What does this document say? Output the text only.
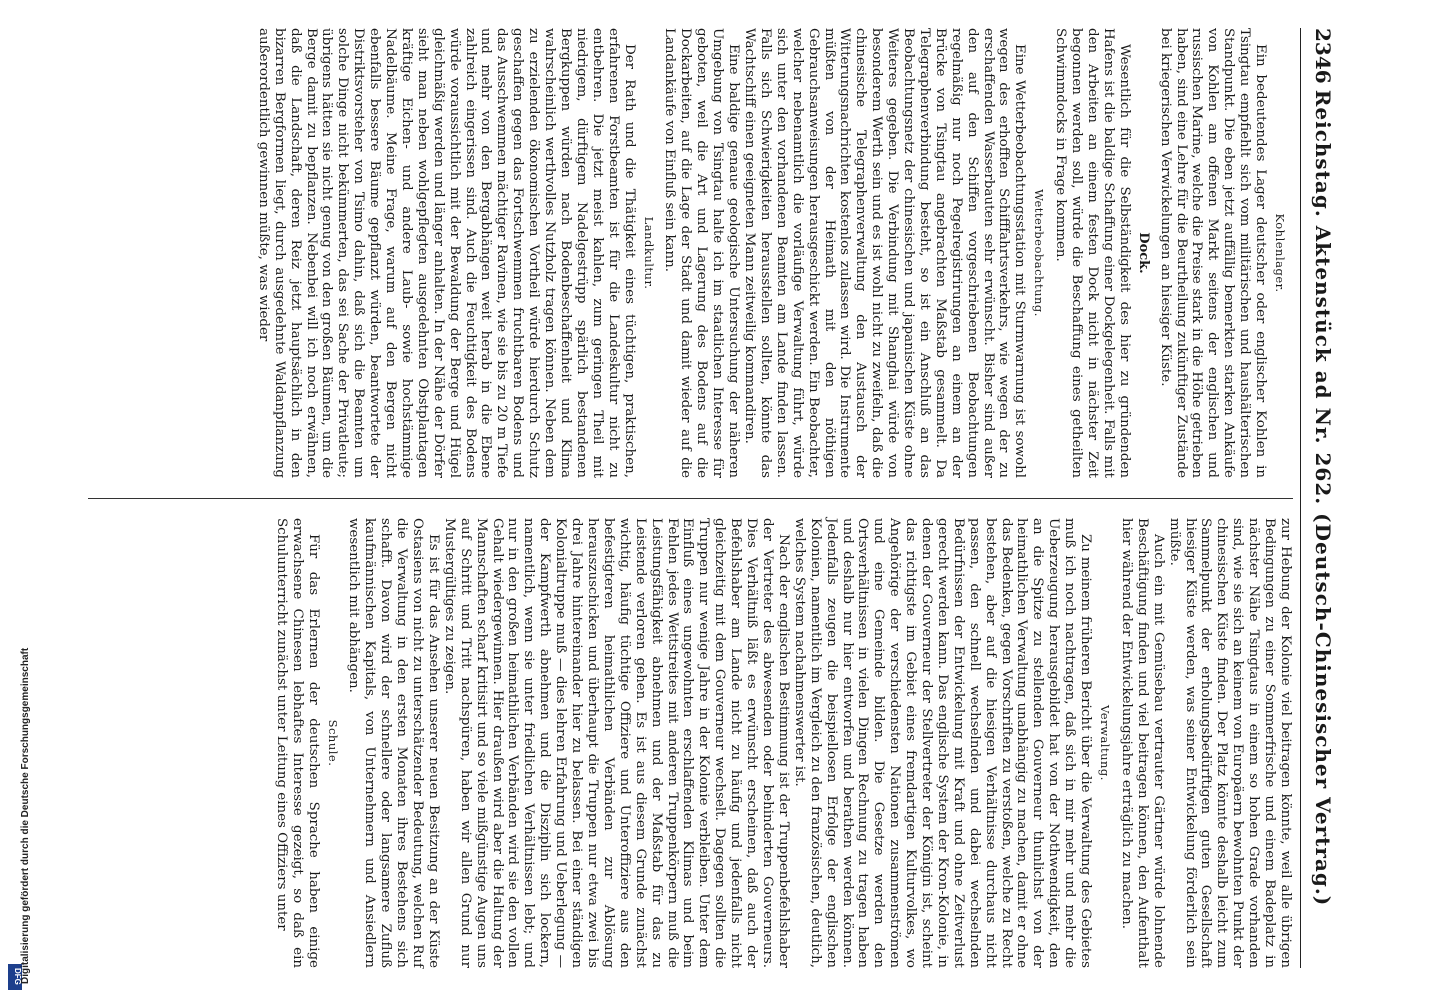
2346
Reichstag. Aktenstück ad Nr. 262. (Deutsch-Chinesischer Vertrag.)
Kohlenlager.

Ein bedeutendes Lager deutscher oder englischer Kohlen in Tsingtau empfiehlt sich vom militärischen und haushälterischen Standpunkt. Die eben jetzt auffällig bemerkten starken Ankäufe von Kohlen am offenen Markt seitens der englischen und russischen Marine, welche die Preise stark in die Höhe getrieben haben, sind eine Lehre für die Beurtheilung zukünftiger Zustände bei kriegerischen Verwickelungen an hiesiger Küste.

Dock.

Wesentlich für die Selbständigkeit des hier zu gründenden Hafens ist die baldige Schaffung einer Dockgelegenheit. Falls mit den Arbeiten an einem festen Dock nicht in nächster Zeit begonnen werden soll, würde die Beschaffung eines getheilten Schwimmdocks in Frage kommen.

Wetterbeobachtung.

Eine Wetterbeobachtungsstation mit Sturmwarnung ist sowohl wegen des erhofften Schifffahrtsverkehrs, wie wegen der zu erschaffenden Wasserbauten sehr erwünscht. Bisher sind außer den auf den Schiffen vorgeschriebenen Beobachtungen regelmäßig nur noch Pegelregistrirungen an einem an der Brücke von Tsingtau angebrachten Maßstab gesammelt. Da Telegraphenverbindung besteht, so ist ein Anschluß an das Beobachtungsnetz der chinesischen und japanischen Küste ohne Weiteres gegeben. Die Verbindung mit Shanghai würde von besonderem Werth sein und es ist wohl nicht zu zweifeln, daß die chinesische Telegraphenverwaltung den Austausch der Witterungsnachrichten kostenlos zulassen wird. Die Instrumente müßten von der Heimath mit den nöthigen Gebrauchsanweisungen herausgeschickt werden. Ein Beobachter, welcher nebenamtlich die vorläufige Verwaltung führt, würde sich unter den vorhandenen Beamten am Lande finden lassen. Falls sich Schwierigkeiten herausstellen sollten, könnte das Wachtschiff einen geeigneten Mann zeitweilig kommandiren.

Eine baldige genaue geologische Untersuchung der näheren Umgebung von Tsingtau halte ich im staatlichen Interesse für geboten, weil die Art und Lagerung des Bodens auf die Dockarbeiten, auf die Lage der Stadt und damit wieder auf die Landankäufe von Einfluß sein kann.

Landkultur.

Der Rath und die Thätigkeit eines tüchtigen, praktischen, erfahrenen Forstbeamten ist für die Landeskultur nicht zu entbehren. Die jetzt meist kahlen, zum geringen Theil mit niedrigem, dürftigem Nadelgestrüpp spärlich bestandenen Bergkuppen würden nach Bodenbeschaffenheit und Klima wahrscheinlich werthvolles Nutzholz tragen können. Neben dem zu erzielenden ökonomischen Vortheil würde hierdurch Schutz geschaffen gegen das Fortschwemmen fruchtbaren Bodens und das Ausschwemmen mächtiger Ravinen, wie sie bis zu 20 m Tiefe und mehr von den Bergabhängen weit herab in die Ebene zahlreich eingerissen sind. Auch die Feuchtigkeit des Bodens würde voraussichtlich mit der Bewaldung der Berge und Hügel gleichmäßig werden und länger anhalten. In der Nähe der Dörfer sieht man neben wohlgepflegten ausgedehnten Obstplantagen kräftige Eichen- und andere Laub- sowie hochstämmige Nadelbäume. Meine Frage, warum auf den Bergen nicht ebenfalls bessere Bäume gepflanzt würden, beantwortete der Distriktsvorsteher von Tsimo dahin, daß sich die Beamten um solche Dinge nicht bekümmerten, das sei Sache der Privatleute; übrigens hätten sie nicht genug von den großen Bäumen, um die Berge damit zu bepflanzen. Nebenbei will ich noch erwähnen, daß die Landschaft, deren Reiz jetzt hauptsächlich in den bizarren Bergformen liegt, durch ausgedehnte Waldanpflanzung außerordentlich gewinnen müßte, was wieder

zur Hebung der Kolonie viel beitragen könnte, weil alle übrigen Bedingungen zu einer Sommerfrische und einem Badeplatz in nächster Nähe Tsingtaus in einem so hohen Grade vorhanden sind, wie sie sich an keinem von Europäern bewohnten Punkt der chinesischen Küste finden. Der Platz könnte deshalb leicht zum Sammelpunkt der erholungsbedürftigen guten Gesellschaft hiesiger Küste werden, was seiner Entwickelung förderlich sein müßte.

Auch ein mit Gemüsebau vertrauter Gärtner würde lohnende Beschäftigung finden und viel beitragen können, den Aufenthalt hier während der Entwickelungsjahre erträglich zu machen.

Verwaltung.

Zu meinem früheren Bericht über die Verwaltung des Gebietes muß ich noch nachtragen, daß sich in mir mehr und mehr die Ueberzeugung herausgebildet hat von der Nothwendigkeit, den an die Spitze zu stellenden Gouverneur thunlichst von der heimathlichen Verwaltung unabhängig zu machen, damit er ohne das Bedenken, gegen Vorschriften zu verstoßen, welche zu Recht bestehen, aber auf die hiesigen Verhältnisse durchaus nicht passen, den schnell wechselnden und dabei wechselnden Bedürfnissen der Entwickelung mit Kraft und ohne Zeitverlust gerecht werden kann. Das englische System der Kron-Kolonie, in denen der Gouverneur der Stellvertreter der Königin ist, scheint das richtigste im Gebiet eines fremdartigen Kulturvolkes, wo Angehörige der verschiedensten Nationen zusammenströmen und eine Gemeinde bilden. Die Gesetze werden den Ortsverhältnissen in vielen Dingen Rechnung zu tragen haben und deshalb nur hier entworfen und berathen werden können. Jedenfalls zeugen die beispiellosen Erfolge der englischen Kolonien, namentlich im Vergleich zu den französischen, deutlich, welches System nachahmenswerter ist.

Nach der englischen Bestimmung ist der Truppenbefehlshaber der Vertreter des abwesenden oder behinderten Gouverneurs. Dies Verhältniß läßt es erwünscht erscheinen, daß auch der Befehlshaber am Lande nicht zu häufig und jedenfalls nicht gleichzeitig mit dem Gouverneur wechselt. Dagegen sollten die Truppen nur wenige Jahre in der Kolonie verbleiben. Unter dem Einfluß eines ungewohnten erschlaffenden Klimas und beim Fehlen jedes Wettstreites mit anderen Truppenkörpern muß die Leistungsfähigkeit abnehmen und der Maßstab für das zu Leistende verloren gehen. Es ist aus diesem Grunde zunächst wichtig, häufig tüchtige Offiziere und Unteroffiziere aus den befestigteren heimathlichen Verbänden zur Ablösung herauszuschicken und überhaupt die Truppen nur etwa zwei bis drei Jahre hintereinander hier zu belassen. Bei einer ständigen Kolonialtruppe muß — dies lehren Erfahrung und Ueberlegung — der Kampfwerth abnehmen und die Disziplin sich lockern, namentlich, wenn sie unter friedlichen Verhältnissen lebt; und nur in den großen heimathlichen Verbänden wird sie den vollen Gehalt wiedergewinnen. Hier draußen wird aber die Haltung der Mannschaften scharf kritisirt und so viele mißgünstige Augen uns auf Schritt und Tritt nachspüren, haben wir allen Grund nur Mustergültiges zu zeigen.

Es ist für das Ansehen unserer neuen Besitzung an der Küste Ostasiens von nicht zu unterschätzender Bedeutung, welchen Ruf die Verwaltung in den ersten Monaten ihres Bestehens sich schafft. Davon wird der schnellere oder langsamere Zufluß kaufmännischen Kapitals, von Unternehmern und Ansiedlern wesentlich mit abhängen.

Schule.

Für das Erlernen der deutschen Sprache haben einige erwachsene Chinesen lebhaftes Interesse gezeigt, so daß ein Schulunterricht zunächst unter Leitung eines Offiziers unter

DFG
Digitalisierung gefördert durch die Deutsche Forschungsgemeinschaft
